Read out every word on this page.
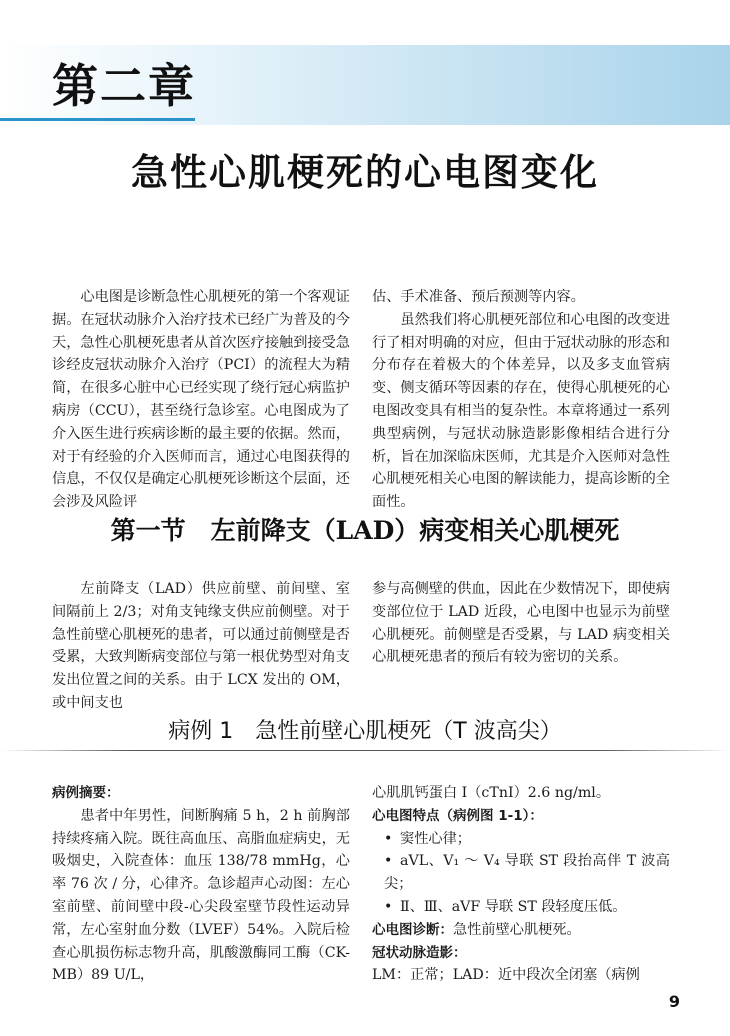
第二章
急性心肌梗死的心电图变化

心电图是诊断急性心肌梗死的第一个客观证据。在冠状动脉介入治疗技术已经广为普及的今天，急性心肌梗死患者从首次医疗接触到接受急诊经皮冠状动脉介入治疗（PCI）的流程大为精简，在很多心脏中心已经实现了绕行冠心病监护病房（CCU），甚至绕行急诊室。心电图成为了介入医生进行疾病诊断的最主要的依据。然而，对于有经验的介入医师而言，通过心电图获得的信息，不仅仅是确定心肌梗死诊断这个层面，还会涉及风险评

估、手术准备、预后预测等内容。

虽然我们将心肌梗死部位和心电图的改变进行了相对明确的对应，但由于冠状动脉的形态和分布存在着极大的个体差异，以及多支血管病变、侧支循环等因素的存在，使得心肌梗死的心电图改变具有相当的复杂性。本章将通过一系列典型病例，与冠状动脉造影影像相结合进行分析，旨在加深临床医师，尤其是介入医师对急性心肌梗死相关心电图的解读能力，提高诊断的全面性。

第一节　左前降支（LAD）病变相关心肌梗死

左前降支（LAD）供应前壁、前间壁、室间隔前上 2/3；对角支钝缘支供应前侧壁。对于急性前壁心肌梗死的患者，可以通过前侧壁是否受累，大致判断病变部位与第一根优势型对角支发出位置之间的关系。由于 LCX 发出的 OM，或中间支也

参与高侧壁的供血，因此在少数情况下，即使病变部位位于 LAD 近段，心电图中也显示为前壁心肌梗死。前侧壁是否受累，与 LAD 病变相关心肌梗死患者的预后有较为密切的关系。

病例 1　急性前壁心肌梗死（T 波高尖）

病例摘要：

患者中年男性，间断胸痛 5 h，2 h 前胸部持续疼痛入院。既往高血压、高脂血症病史，无吸烟史，入院查体：血压 138/78 mmHg，心率 76 次 / 分，心律齐。急诊超声心动图：左心室前壁、前间壁中段-心尖段室壁节段性运动异常，左心室射血分数（LVEF）54%。入院后检查心肌损伤标志物升高，肌酸激酶同工酶（CK-MB）89 U/L，

心肌肌钙蛋白 I（cTnI）2.6 ng/ml。

心电图特点（病例图 1-1）：

• 窦性心律；

• aVL、V₁ ～ V₄ 导联 ST 段抬高伴 T 波高尖；

• Ⅱ、Ⅲ、aVF 导联 ST 段轻度压低。

心电图诊断：急性前壁心肌梗死。

冠状动脉造影：

LM：正常；LAD：近中段次全闭塞（病例

9
